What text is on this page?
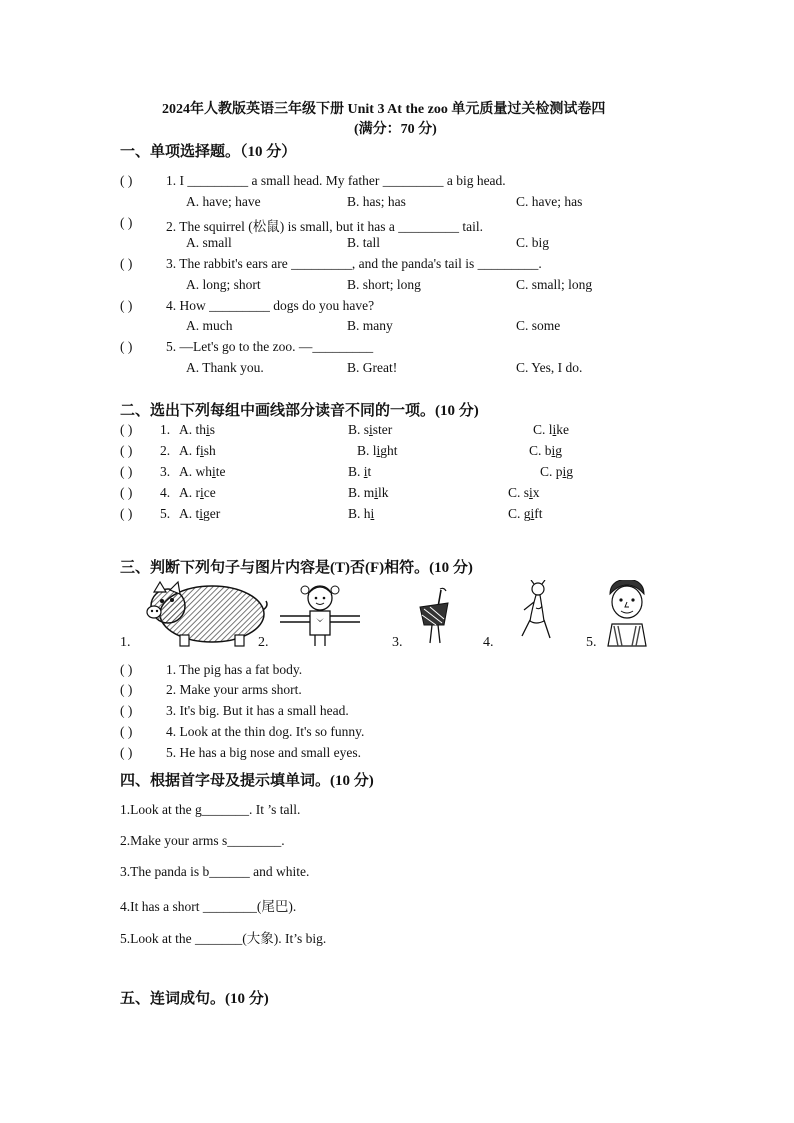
2024年人教版英语三年级下册 Unit 3 At the zoo 单元质量过关检测试卷四
(满分：70 分)
一、单项选择题。（10 分）
( ) 1. I _________ a small head. My father _________ a big head.
A. have; have	B. has; has	C. have; has
( ) 2. The squirrel (松鼠) is small, but it has a _________ tail.
A. small	B. tall	C. big
( ) 3. The rabbit's ears are _________, and the panda's tail is _________.
A. long; short	B. short; long	C. small; long
( ) 4. How _________ dogs do you have?
A. much	B. many	C. some
( ) 5. —Let's go to the zoo. —_________
A. Thank you.	B. Great!	C. Yes, I do.
二、选出下列每组中画线部分读音不同的一项。(10 分)
( ) 1. A. this	B. sister	C. like
( ) 2. A. fish	B. light	C. big
( ) 3. A. white	B. it	C. pig
( ) 4. A. rice	B. milk	C. six
( ) 5. A. tiger	B. hi	C. gift
三、判断下列句子与图片内容是(T)否(F)相符。(10 分)
1.	2.	3.	4.	5.
( ) 1. The pig has a fat body.
( ) 2. Make your arms short.
( ) 3. It's big. But it has a small head.
( ) 4. Look at the thin dog. It's so funny.
( ) 5. He has a big nose and small eyes.
四、根据首字母及提示填单词。(10 分)
1.Look at the g_______. It ’s tall.
2.Make your arms s________.
3.The panda is b______ and white.
4.It has a short ________(尾巴).
5.Look at the _______(大象). It’s big.
五、连词成句。(10 分)
